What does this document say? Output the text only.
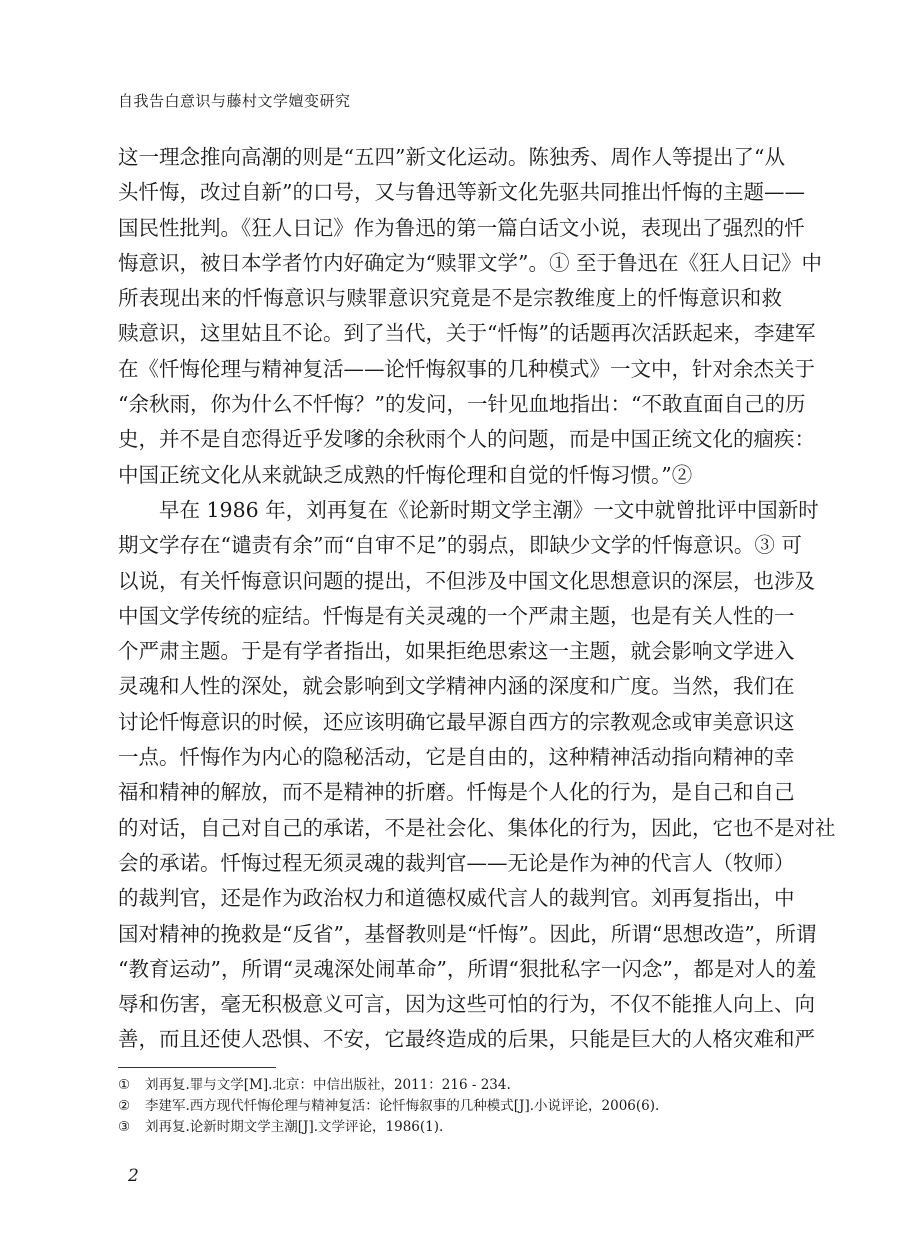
自我告白意识与藤村文学嬗变研究
这一理念推向高潮的则是“五四”新文化运动。陈独秀、周作人等提出了“从
头忏悔，改过自新”的口号，又与鲁迅等新文化先驱共同推出忏悔的主题——
国民性批判。《狂人日记》作为鲁迅的第一篇白话文小说，表现出了强烈的忏
悔意识，被日本学者竹内好确定为“赎罪文学”。① 至于鲁迅在《狂人日记》中
所表现出来的忏悔意识与赎罪意识究竟是不是宗教维度上的忏悔意识和救
赎意识，这里姑且不论。到了当代，关于“忏悔”的话题再次活跃起来，李建军
在《忏悔伦理与精神复活——论忏悔叙事的几种模式》一文中，针对余杰关于
“余秋雨，你为什么不忏悔？”的发问，一针见血地指出：“不敢直面自己的历
史，并不是自恋得近乎发嗲的余秋雨个人的问题，而是中国正统文化的痼疾：
中国正统文化从来就缺乏成熟的忏悔伦理和自觉的忏悔习惯。”②
早在 1986 年，刘再复在《论新时期文学主潮》一文中就曾批评中国新时
期文学存在“谴责有余”而“自审不足”的弱点，即缺少文学的忏悔意识。③ 可
以说，有关忏悔意识问题的提出，不但涉及中国文化思想意识的深层，也涉及
中国文学传统的症结。忏悔是有关灵魂的一个严肃主题，也是有关人性的一
个严肃主题。于是有学者指出，如果拒绝思索这一主题，就会影响文学进入
灵魂和人性的深处，就会影响到文学精神内涵的深度和广度。当然，我们在
讨论忏悔意识的时候，还应该明确它最早源自西方的宗教观念或审美意识这
一点。忏悔作为内心的隐秘活动，它是自由的，这种精神活动指向精神的幸
福和精神的解放，而不是精神的折磨。忏悔是个人化的行为，是自己和自己
的对话，自己对自己的承诺，不是社会化、集体化的行为，因此，它也不是对社
会的承诺。忏悔过程无须灵魂的裁判官——无论是作为神的代言人（牧师）
的裁判官，还是作为政治权力和道德权威代言人的裁判官。刘再复指出，中
国对精神的挽救是“反省”，基督教则是“忏悔”。因此，所谓“思想改造”，所谓
“教育运动”，所谓“灵魂深处闹革命”，所谓“狠批私字一闪念”，都是对人的羞
辱和伤害，毫无积极意义可言，因为这些可怕的行为，不仅不能推人向上、向
善，而且还使人恐惧、不安，它最终造成的后果，只能是巨大的人格灾难和严
①	刘再复.罪与文学[M].北京：中信出版社，2011：216 - 234.
②	李建军.西方现代忏悔伦理与精神复活：论忏悔叙事的几种模式[J].小说评论，2006(6).
③	刘再复.论新时期文学主潮[J].文学评论，1986(1).
2
